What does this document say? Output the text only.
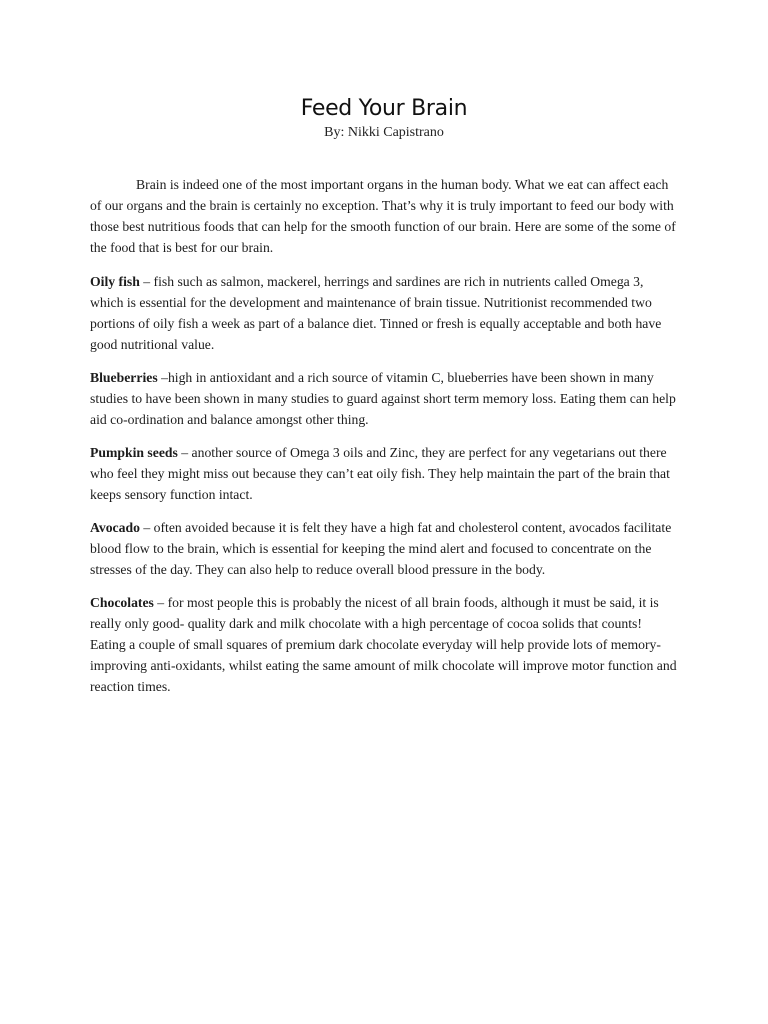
Feed Your Brain
By: Nikki Capistrano

Brain is indeed one of the most important organs in the human body. What we eat can affect each of our organs and the brain is certainly no exception. That’s why it is truly important to feed our body with those best nutritious foods that can help for the smooth function of our brain. Here are some of the some of the food that is best for our brain.

Oily fish – fish such as salmon, mackerel, herrings and sardines are rich in nutrients called Omega 3, which is essential for the development and maintenance of brain tissue. Nutritionist recommended two portions of oily fish a week as part of a balance diet. Tinned or fresh is equally acceptable and both have good nutritional value.

Blueberries –high in antioxidant and a rich source of vitamin C, blueberries have been shown in many studies to have been shown in many studies to guard against short term memory loss. Eating them can help aid co-ordination and balance amongst other thing.

Pumpkin seeds – another source of Omega 3 oils and Zinc, they are perfect for any vegetarians out there who feel they might miss out because they can’t eat oily fish. They help maintain the part of the brain that keeps sensory function intact.

Avocado – often avoided because it is felt they have a high fat and cholesterol content, avocados facilitate blood flow to the brain, which is essential for keeping the mind alert and focused to concentrate on the stresses of the day. They can also help to reduce overall blood pressure in the body.

Chocolates – for most people this is probably the nicest of all brain foods, although it must be said, it is really only good- quality dark and milk chocolate with a high percentage of cocoa solids that counts! Eating a couple of small squares of premium dark chocolate everyday will help provide lots of memory-improving anti-oxidants, whilst eating the same amount of milk chocolate will improve motor function and reaction times.
